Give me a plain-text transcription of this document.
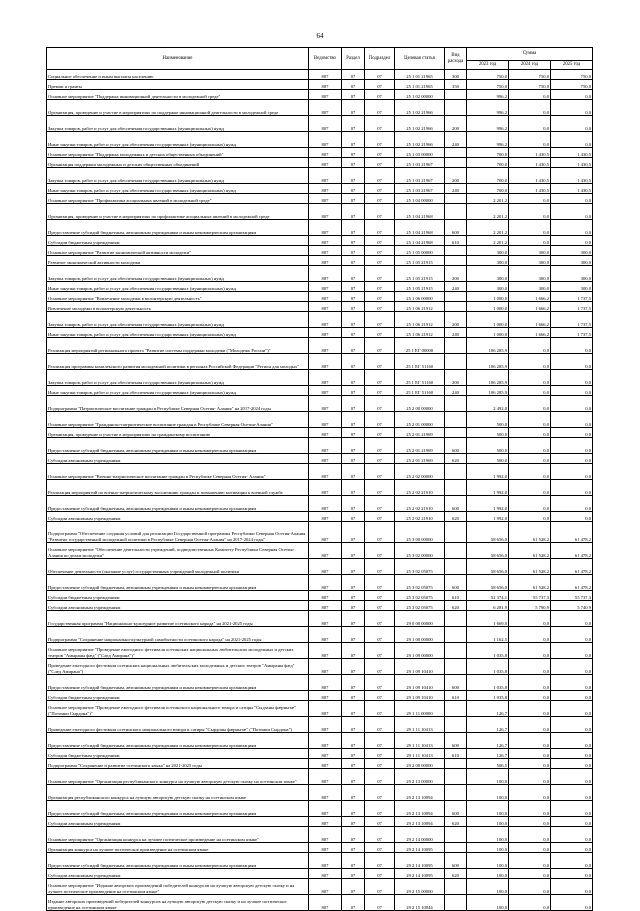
64
Наименование	Ведомство	Раздел	Подраздел	Целевая статья	Вид расхода	Сумма		
						2023 год	2024 год	2025 год
Социальное обеспечение и иным выплаты населению	807	07	07	25 1 01 21965	300	750,0	750,0	750,0
Премии и гранты	807	07	07	25 1 01 21965	350	750,0	750,0	750,0
Основное мероприятие "Поддержка инновационной деятельности в молодежной среде"	807	07	07	25 1 02 00000		996,2	0,0	0,0
Организация, проведение и участие в мероприятиях по поддержке инновационной деятельности в молодежной среде	807	07	07	25 1 02 21966		996,2	0,0	0,0
Закупка товаров, работ и услуг для обеспечения государственных (муниципальных) нужд	807	07	07	25 1 02 21966	200	996,2	0,0	0,0
Иные закупки товаров, работ и услуг для обеспечения государственных (муниципальных) нужд	807	07	07	25 1 02 21966	240	996,2	0,0	0,0
Основное мероприятие "Поддержка молодежных и детских общественных объединений"	807	07	07	25 1 03 00000		700,0	1 430,5	1 430,5
Организация поддержки молодежных и детских общественных объединений	807	07	07	25 1 03 21967		700,0	1 430,5	1 430,5
Закупка товаров, работ и услуг для обеспечения государственных (муниципальных) нужд	807	07	07	25 1 03 21967	200	700,0	1 430,5	1 430,5
Иные закупки товаров, работ и услуг для обеспечения государственных (муниципальных) нужд	807	07	07	25 1 03 21967	240	700,0	1 430,5	1 430,5
Основное мероприятие "Профилактика асоциальных явлений в молодежной среде"	807	07	07	25 1 04 00000		2 201,2	0,0	0,0
Организация, проведение и участие в мероприятиях по профилактике асоциальных явлений в молодежной среде	807	07	07	25 1 04 21968		2 201,2	0,0	0,0
Предоставление субсидий бюджетным, автономным учреждениям и иным некоммерческим организациям	807	07	07	25 1 04 21968	600	2 201,2	0,0	0,0
Субсидии бюджетным учреждениям	807	07	07	25 1 04 21968	610	2 201,2	0,0	0,0
Основное мероприятие "Развитие экономической активности молодежи"	807	07	07	25 1 05 00000		300,0	300,0	300,0
Развитие экономической активности молодежи	807	07	07	25 1 05 21915		300,0	300,0	300,0
Закупка товаров, работ и услуг для обеспечения государственных (муниципальных) нужд	807	07	07	25 1 05 21915	200	300,0	300,0	300,0
Иные закупки товаров, работ и услуг для обеспечения государственных (муниципальных) нужд	807	07	07	25 1 05 21915	240	300,0	300,0	300,0
Основное мероприятие "Вовлечение молодежи в волонтерскую деятельность"	807	07	07	25 1 06 00000		1 000,0	1 666,2	1 737,5
Вовлечение молодежи в волонтерскую деятельность	807	07	07	25 1 06 21912		1 000,0	1 666,2	1 737,5
Закупка товаров, работ и услуг для обеспечения государственных (муниципальных) нужд	807	07	07	25 1 06 21912	200	1 000,0	1 666,2	1 737,5
Иные закупки товаров, работ и услуг для обеспечения государственных (муниципальных) нужд	807	07	07	25 1 06 21912	240	1 000,0	1 666,2	1 737,5
Реализация мероприятий регионального проекта "Развитие системы поддержки молодежи ("Молодежь России")"	807	07	07	25 1 EГ 00000		106 285,9	0,0	0,0
Реализация программы комплексного развития молодежной политики в регионах Российской Федерации "Регион для молодых"	807	07	07	25 1 EГ 51160		106 285,9	0,0	0,0
Закупка товаров, работ и услуг для обеспечения государственных (муниципальных) нужд	807	07	07	25 1 EГ 51160	200	106 285,9	0,0	0,0
Иные закупки товаров, работ и услуг для обеспечения государственных (муниципальных) нужд	807	07	07	25 1 EГ 51160	240	106 285,9	0,0	0,0
Подпрограмма "Патриотическое воспитание граждан в Республике Северная Осетия- Алания" на 2017-2024 годы	807	07	07	25 2 00 00000		2 492,0	0,0	0,0
Основное мероприятие "Гражданско-патриотическое воспитание граждан в Республике Северная Осетия-Алания"	807	07	07	25 2 01 00000		500,0	0,0	0,0
Организация, проведение и участие в мероприятиях по гражданскому воспитанию	807	07	07	25 2 01 21969		500,0	0,0	0,0
Предоставление субсидий бюджетным, автономным учреждениям и иным некоммерческим организациям	807	07	07	25 2 01 21969	600	500,0	0,0	0,0
Субсидии автономным учреждениям	807	07	07	25 2 01 21969	620	500,0	0,0	0,0
Основное мероприятие "Военно-патриотическое воспитание граждан в Республике Северная Осетия- Алания"	807	07	07	25 2 02 00000		1 992,0	0,0	0,0
Реализация мероприятий по военно-патриотическому воспитанию граждан и повышению мотивации к военной службе	807	07	07	25 2 02 21910		1 992,0	0,0	0,0
Предоставление субсидий бюджетным, автономным учреждениям и иным некоммерческим организациям	807	07	07	25 2 02 21910	600	1 992,0	0,0	0,0
Субсидии автономным учреждениям	807	07	07	25 2 02 21910	620	1 992,0	0,0	0,0
Подпрограмма "Обеспечение создания условий для реализации Государственной программы Республики Северная Осетия-Алания "Развитие государственной молодежной политики в Республике Северная Осетия-Алания" на 2017-2024 годы"	807	07	07	25 3 00 00000		58 656,0	61 528,2	61 478,2
Основное мероприятие "Обеспечение деятельности учреждений, подведомственных Комитету Республики Северная Осетия-Алания по делам молодежи"	807	07	07	25 3 02 00000		58 656,0	61 528,2	61 478,2
Обеспечение деятельности (оказание услуг) государственных учреждений молодежной политики	807	07	07	25 3 02 05075		58 656,0	61 528,2	61 478,2
Предоставление субсидий бюджетным, автономным учреждениям и иным некоммерческим организациям	807	07	07	25 3 02 05075	600	58 656,0	61 528,2	61 478,2
Субсидии бюджетным учреждениям	807	07	07	25 3 02 05075	610	52 374,1	55 737,3	55 737,3
Субсидии автономным учреждениям	807	07	07	25 3 02 05075	620	6 281,9	5 790,9	5 740,9
Государственная программа "Национально-культурное развитие осетинского народа" на 2021-2025 годы	807	07	07	29 0 00 00000		1 669,0	0,0	0,0
Подпрограмма "Сохранение национально-культурной самобытности осетинского народа" на 2021-2025 годы	807	07	07	29 1 00 00000		1 162,5	0,0	0,0
Основное мероприятие "Проведение ежегодного фестиваля осетинских национальных любительских молодежных и детских театров "Амыраны фæд" ("След Амирана")"	807	07	07	29 1 09 00000		1 035,8	0,0	0,0
Проведение ежегодного фестиваля осетинских национальных любительских молодежных и детских театров "Амыраны фæд" ("След Амирана")	807	07	07	29 1 09 10410		1 035,8	0,0	0,0
Предоставление субсидий бюджетным, автономным учреждениям и иным некоммерческим организациям	807	07	07	29 1 09 10410	600	1 035,8	0,0	0,0
Субсидии бюджетным учреждениям	807	07	07	29 1 09 10410	610	1 035,8	0,0	0,0
Основное мероприятие "Проведение ежегодного фестиваля осетинского национального юмора и сатиры "Сыдзаны фæрнытæ" ("Потомки Сырдона")"	807	07	07	29 1 11 00000		126,7	0,0	0,0
Проведение ежегодного фестиваля осетинского национального юмора и сатиры "Сырдоны фæрнытæ" ("Потомки Сырдона")	807	07	07	29 1 11 10413		126,7	0,0	0,0
Предоставление субсидий бюджетным, автономным учреждениям и иным некоммерческим организациям	807	07	07	29 1 11 10413	600	126,7	0,0	0,0
Субсидии бюджетным учреждениям	807	07	07	29 1 11 10413	610	126,7	0,0	0,0
Подпрограмма "Сохранение и развитие осетинского языка" на 2021-2025 годы	807	07	07	29 2 00 00000		506,5	0,0	0,0
Основное мероприятие "Организация республиканского конкурса на лучшую авторскую детскую сказку на осетинском языке"	807	07	07	29 2 13 00000		100,0	0,0	0,0
Организация республиканского конкурса на лучшую авторскую детскую сказку на осетинском языке	807	07	07	29 2 13 10094		100,0	0,0	0,0
Предоставление субсидий бюджетным, автономным учреждениям и иным некоммерческим организациям	807	07	07	29 2 13 10094	600	100,0	0,0	0,0
Субсидии автономным учреждениям	807	07	07	29 2 13 10094	620	100,0	0,0	0,0
Основное мероприятие "Организация конкурса на лучшее поэтическое произведение на осетинском языке"	807	07	07	29 2 14 00000		100,0	0,0	0,0
Организация конкурса на лучшее поэтическое произведение на осетинском языке	807	07	07	29 2 14 10095		100,0	0,0	0,0
Предоставление субсидий бюджетным, автономным учреждениям и иным некоммерческим организациям	807	07	07	29 2 14 10095	600	100,0	0,0	0,0
Субсидии автономным учреждениям	807	07	07	29 2 14 10095	620	100,0	0,0	0,0
Основное мероприятие "Издание авторских произведений победителей конкурсов на лучшую авторскую детскую сказку и на лучшее поэтическое произведение на осетинском языке"	807	07	07	29 2 15 00000		100,0	0,0	0,0
Издание авторских произведений победителей конкурсов на лучшую авторскую детскую сказку и на лучшее поэтическое произведение на осетинском языке	807	07	07	29 2 15 10044		100,0	0,0	0,0
